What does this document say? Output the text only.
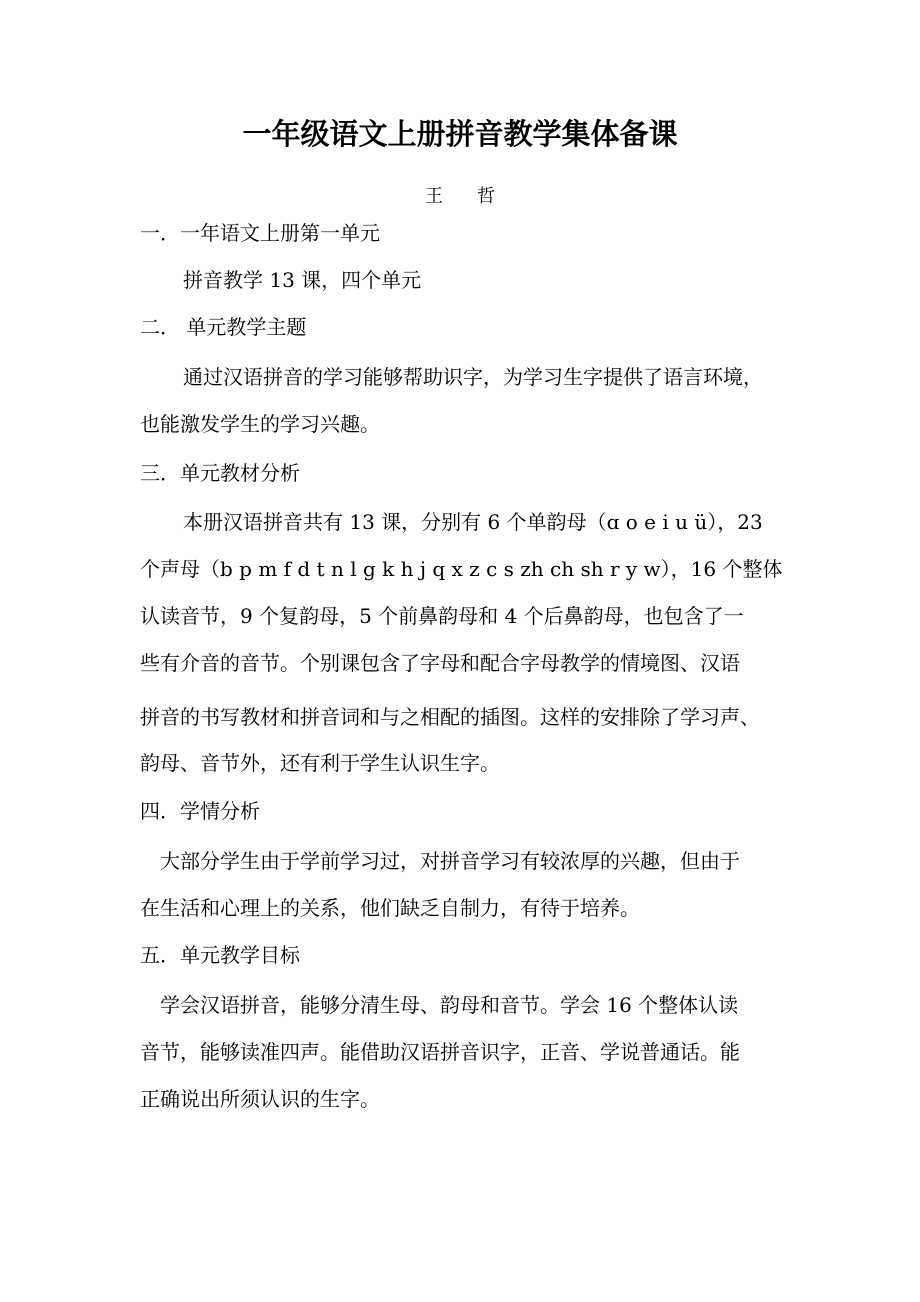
一年级语文上册拼音教学集体备课
王 哲
一．一年语文上册第一单元
拼音教学 13 课，四个单元
二． 单元教学主题
通过汉语拼音的学习能够帮助识字，为学习生字提供了语言环境，
也能激发学生的学习兴趣。
三．单元教材分析
本册汉语拼音共有 13 课，分别有 6 个单韵母（ɑ o e i u ü），23
个声母（b p m f d t n l g k h j q x z c s zh ch sh r y w），16 个整体
认读音节，9 个复韵母，5 个前鼻韵母和 4 个后鼻韵母，也包含了一
些有介音的音节。个别课包含了字母和配合字母教学的情境图、汉语
拼音的书写教材和拼音词和与之相配的插图。这样的安排除了学习声、
韵母、音节外，还有利于学生认识生字。
四．学情分析
大部分学生由于学前学习过，对拼音学习有较浓厚的兴趣，但由于
在生活和心理上的关系，他们缺乏自制力，有待于培养。
五．单元教学目标
学会汉语拼音，能够分清生母、韵母和音节。学会 16 个整体认读
音节，能够读准四声。能借助汉语拼音识字，正音、学说普通话。能
正确说出所须认识的生字。
